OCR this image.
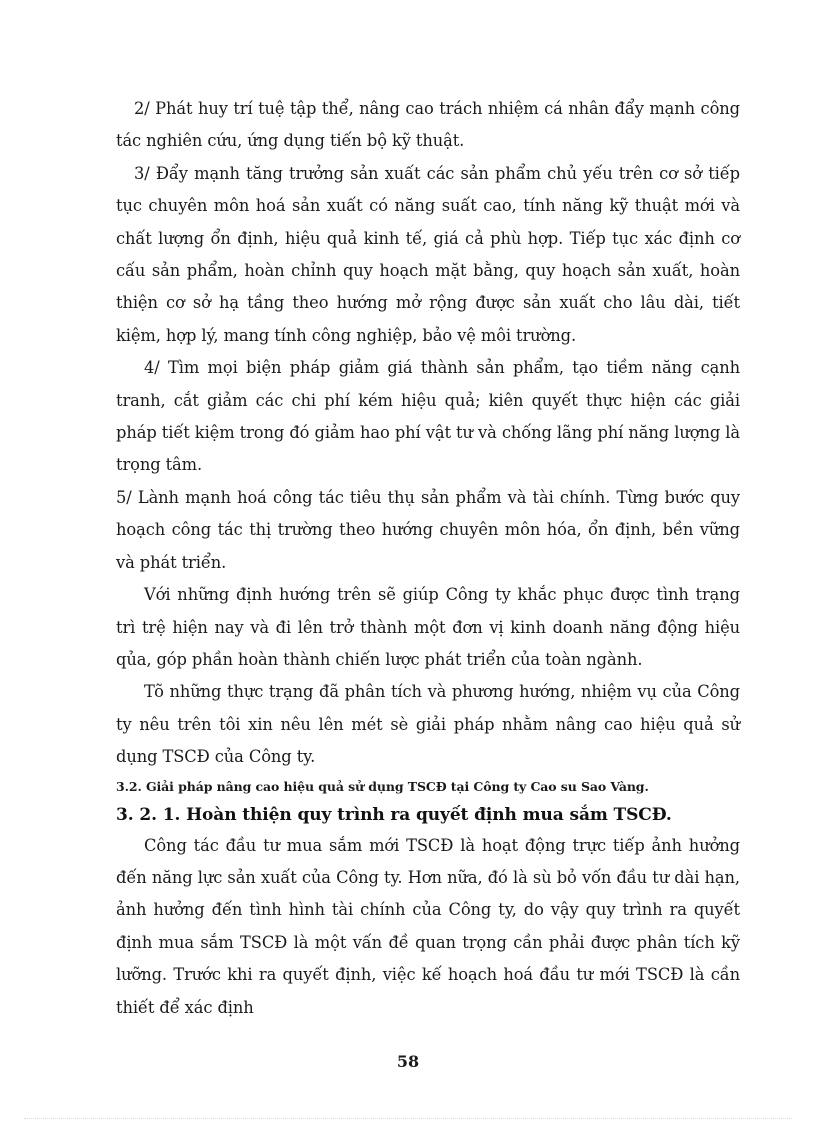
2/ Phát huy trí tuệ tập thể, nâng cao trách nhiệm cá nhân đẩy mạnh công tác nghiên cứu, ứng dụng tiến bộ kỹ thuật.

3/ Đẩy mạnh tăng trưởng sản xuất các sản phẩm chủ yếu trên cơ sở tiếp tục chuyên môn hoá sản xuất có năng suất cao, tính năng kỹ thuật mới và chất lượng ổn định, hiệu quả kinh tế, giá cả phù hợp. Tiếp tục xác định cơ cấu sản phẩm, hoàn chỉnh quy hoạch mặt bằng, quy hoạch sản xuất, hoàn thiện cơ sở hạ tầng theo hướng mở rộng được sản xuất cho lâu dài, tiết kiệm, hợp lý, mang tính công nghiệp, bảo vệ môi trường.

4/ Tìm mọi biện pháp giảm giá thành sản phẩm, tạo tiềm năng cạnh tranh, cắt giảm các chi phí kém hiệu quả; kiên quyết thực hiện các giải pháp tiết kiệm trong đó giảm hao phí vật tư và chống lãng phí năng lượng là trọng tâm.

5/ Lành mạnh hoá công tác tiêu thụ sản phẩm và tài chính. Từng bước quy hoạch công tác thị trường theo hướng chuyên môn hóa, ổn định, bền vững và phát triển.

Với những định hướng trên sẽ giúp Công ty khắc phục được tình trạng trì trệ hiện nay và đi lên trở thành một đơn vị kinh doanh năng động hiệu qủa, góp phần hoàn thành chiến lược phát triển của toàn ngành.

Tõ những thực trạng đã phân tích và phương hướng, nhiệm vụ của Công ty nêu trên tôi xin nêu lên mét sè giải pháp nhằm nâng cao hiệu quả sử dụng TSCĐ của Công ty.

3.2. Giải pháp nâng cao hiệu quả sử dụng TSCĐ tại Công ty Cao su Sao Vàng.

3. 2. 1. Hoàn thiện quy trình ra quyết định mua sắm TSCĐ.

Công tác đầu tư mua sắm mới TSCĐ là hoạt động trực tiếp ảnh hưởng đến năng lực sản xuất của Công ty. Hơn nữa, đó là sù bỏ vốn đầu tư dài hạn, ảnh hưởng đến tình hình tài chính của Công ty, do vậy quy trình ra quyết định mua sắm TSCĐ là một vấn đề quan trọng cần phải được phân tích kỹ lưỡng. Trước khi ra quyết định, việc kế hoạch hoá đầu tư mới TSCĐ là cần thiết để xác định

58
